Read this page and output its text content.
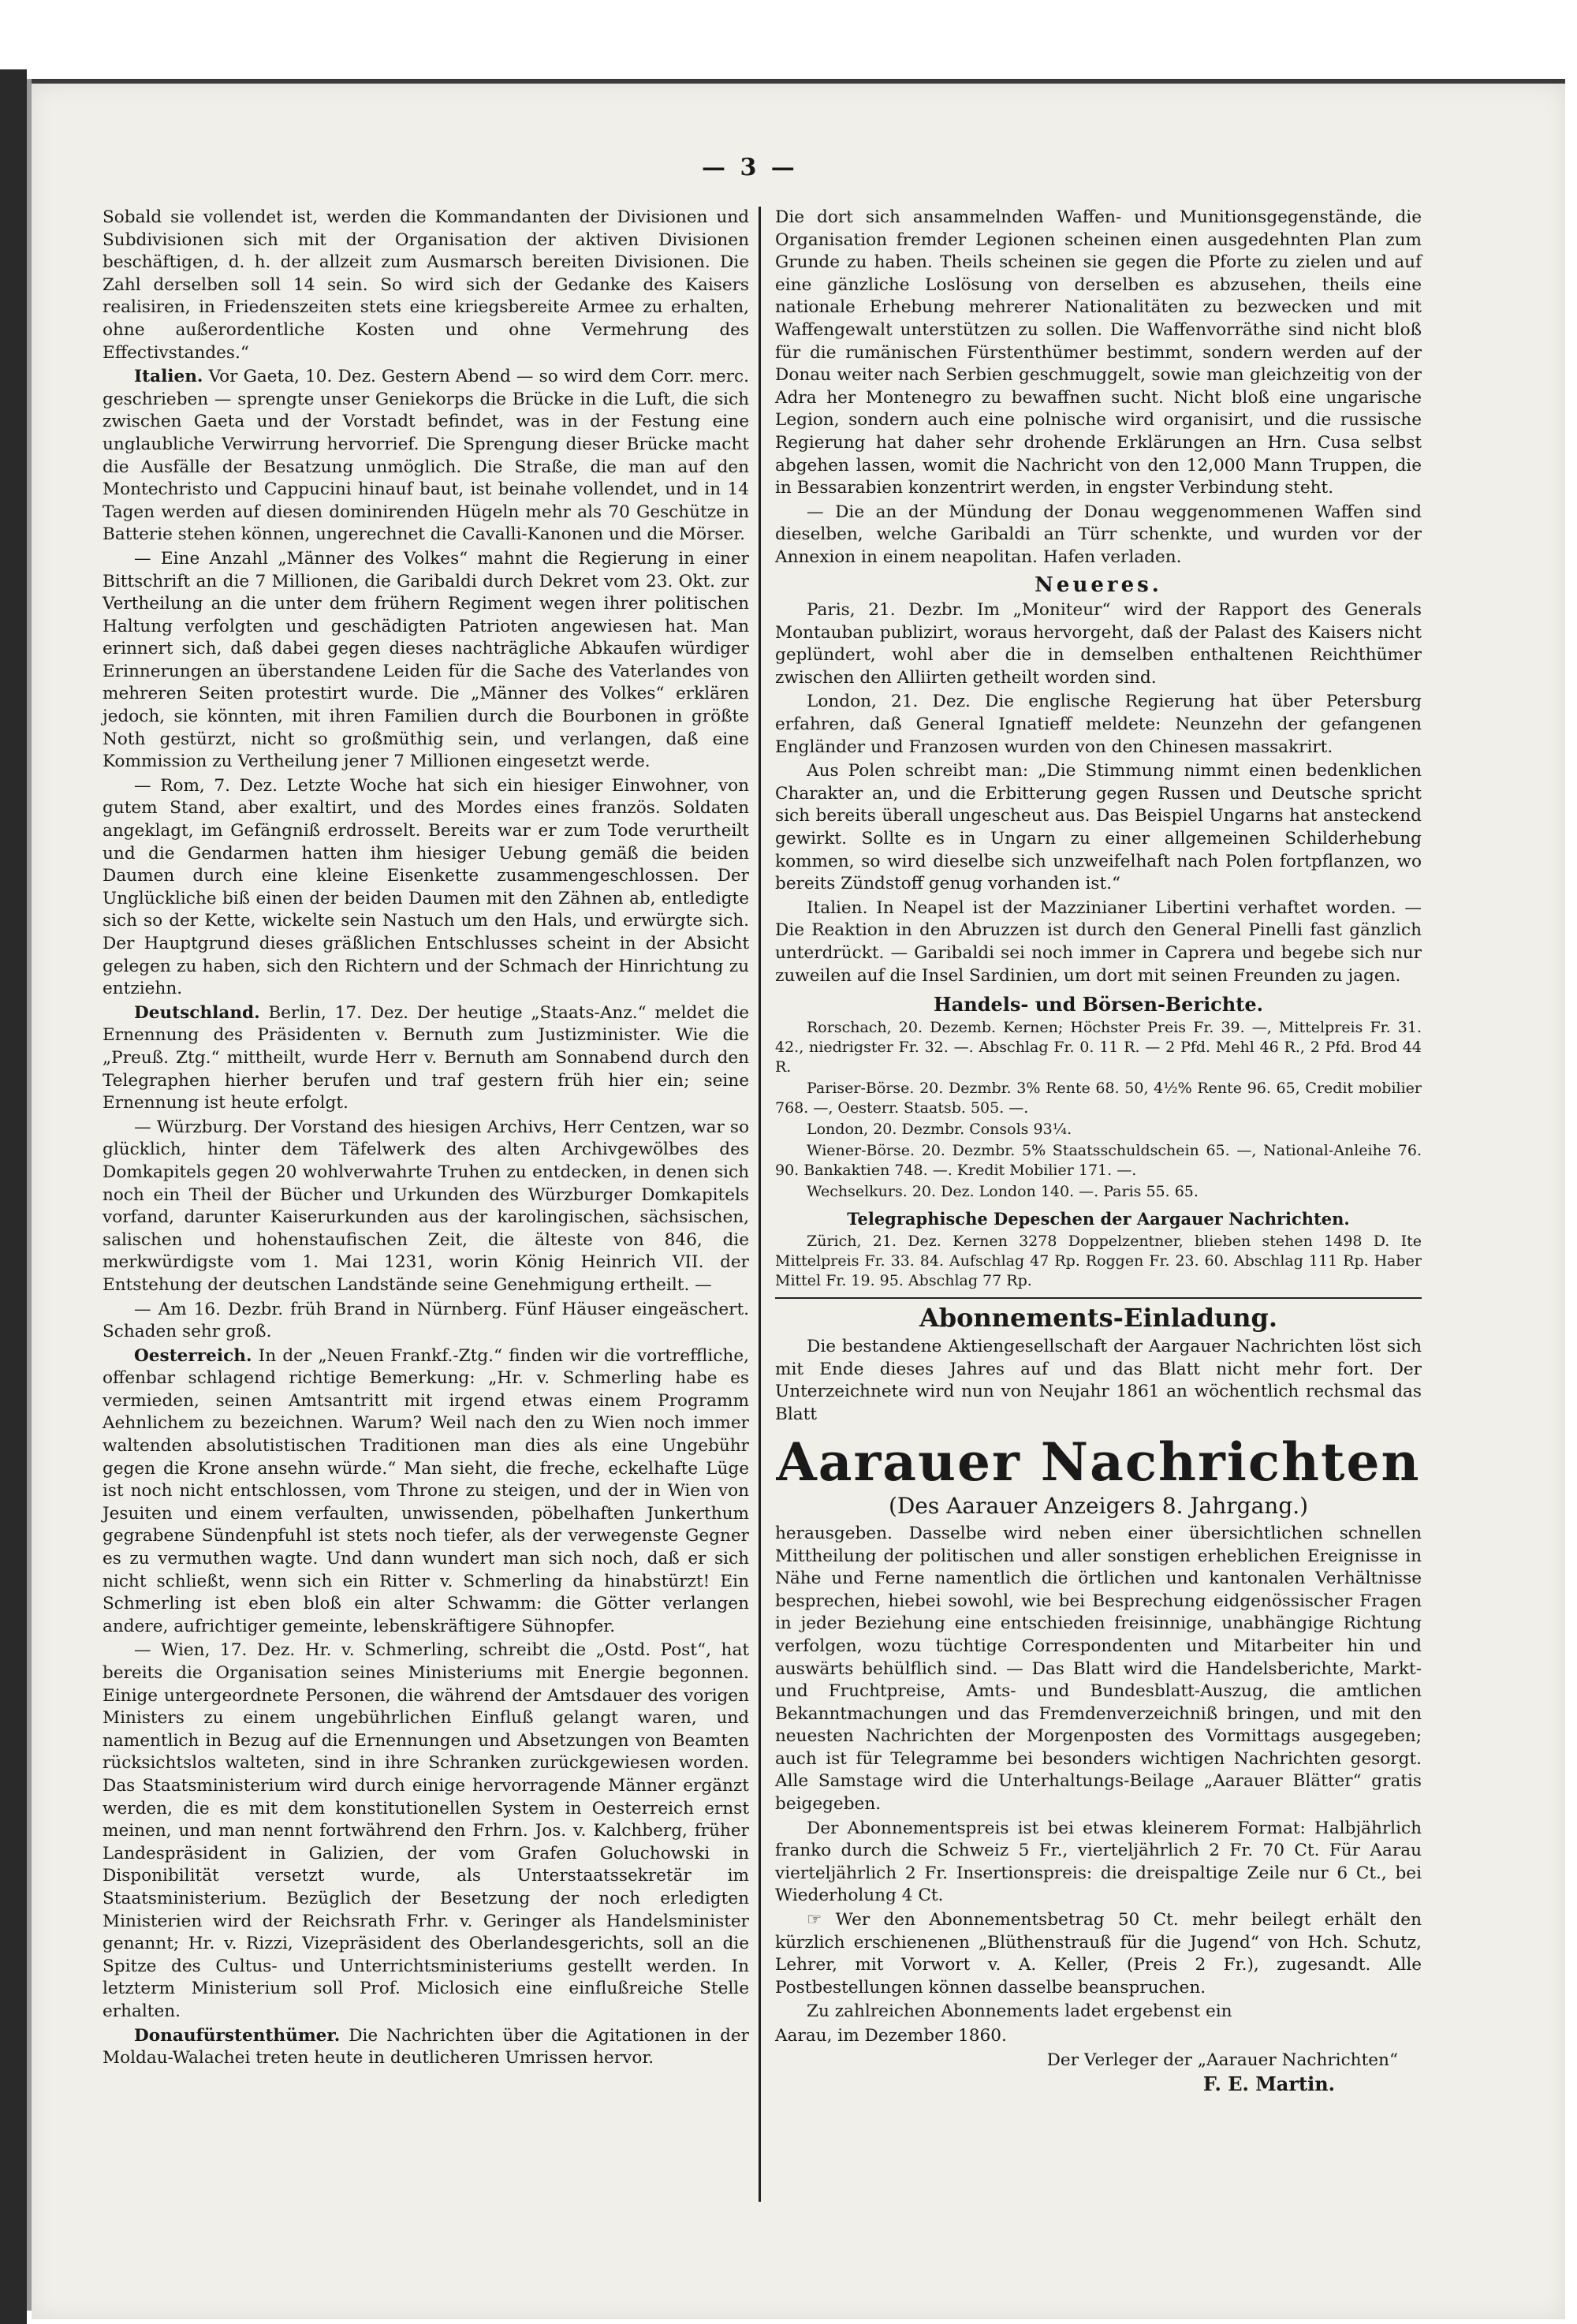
— 3 —

Sobald sie vollendet ist, werden die Kommandanten der Divisionen und Subdivisionen sich mit der Organisation der aktiven Divisionen beschäftigen, d. h. der allzeit zum Ausmarsch bereiten Divisionen. Die Zahl derselben soll 14 sein. So wird sich der Gedanke des Kaisers realisiren, in Friedenszeiten stets eine kriegsbereite Armee zu erhalten, ohne außerordentliche Kosten und ohne Vermehrung des Effectivstandes.“

Italien. Vor Gaeta, 10. Dez. Gestern Abend — so wird dem Corr. merc. geschrieben — sprengte unser Geniekorps die Brücke in die Luft, die sich zwischen Gaeta und der Vorstadt befindet, was in der Festung eine unglaubliche Verwirrung hervorrief. Die Sprengung dieser Brücke macht die Ausfälle der Besatzung unmöglich. Die Straße, die man auf den Montechristo und Cappucini hinauf baut, ist beinahe vollendet, und in 14 Tagen werden auf diesen dominirenden Hügeln mehr als 70 Geschütze in Batterie stehen können, ungerechnet die Cavalli-Kanonen und die Mörser.

— Eine Anzahl „Männer des Volkes“ mahnt die Regierung in einer Bittschrift an die 7 Millionen, die Garibaldi durch Dekret vom 23. Okt. zur Vertheilung an die unter dem frühern Regiment wegen ihrer politischen Haltung verfolgten und geschädigten Patrioten angewiesen hat. Man erinnert sich, daß dabei gegen dieses nachträgliche Abkaufen würdiger Erinnerungen an überstandene Leiden für die Sache des Vaterlandes von mehreren Seiten protestirt wurde. Die „Männer des Volkes“ erklären jedoch, sie könnten, mit ihren Familien durch die Bourbonen in größte Noth gestürzt, nicht so großmüthig sein, und verlangen, daß eine Kommission zu Vertheilung jener 7 Millionen eingesetzt werde.

— Rom, 7. Dez. Letzte Woche hat sich ein hiesiger Einwohner, von gutem Stand, aber exaltirt, und des Mordes eines französ. Soldaten angeklagt, im Gefängniß erdrosselt. Bereits war er zum Tode verurtheilt und die Gendarmen hatten ihm hiesiger Uebung gemäß die beiden Daumen durch eine kleine Eisenkette zusammengeschlossen. Der Unglückliche biß einen der beiden Daumen mit den Zähnen ab, entledigte sich so der Kette, wickelte sein Nastuch um den Hals, und erwürgte sich. Der Hauptgrund dieses gräßlichen Entschlusses scheint in der Absicht gelegen zu haben, sich den Richtern und der Schmach der Hinrichtung zu entziehn.

Deutschland. Berlin, 17. Dez. Der heutige „Staats-Anz.“ meldet die Ernennung des Präsidenten v. Bernuth zum Justizminister. Wie die „Preuß. Ztg.“ mittheilt, wurde Herr v. Bernuth am Sonnabend durch den Telegraphen hierher berufen und traf gestern früh hier ein; seine Ernennung ist heute erfolgt.

— Würzburg. Der Vorstand des hiesigen Archivs, Herr Centzen, war so glücklich, hinter dem Täfelwerk des alten Archivgewölbes des Domkapitels gegen 20 wohlverwahrte Truhen zu entdecken, in denen sich noch ein Theil der Bücher und Urkunden des Würzburger Domkapitels vorfand, darunter Kaiserurkunden aus der karolingischen, sächsischen, salischen und hohenstaufischen Zeit, die älteste von 846, die merkwürdigste vom 1. Mai 1231, worin König Heinrich VII. der Entstehung der deutschen Landstände seine Genehmigung ertheilt. —

— Am 16. Dezbr. früh Brand in Nürnberg. Fünf Häuser eingeäschert. Schaden sehr groß.

Oesterreich. In der „Neuen Frankf.-Ztg.“ finden wir die vortreffliche, offenbar schlagend richtige Bemerkung: „Hr. v. Schmerling habe es vermieden, seinen Amtsantritt mit irgend etwas einem Programm Aehnlichem zu bezeichnen. Warum? Weil nach den zu Wien noch immer waltenden absolutistischen Traditionen man dies als eine Ungebühr gegen die Krone ansehn würde.“ Man sieht, die freche, eckelhafte Lüge ist noch nicht entschlossen, vom Throne zu steigen, und der in Wien von Jesuiten und einem verfaulten, unwissenden, pöbelhaften Junkerthum gegrabene Sündenpfuhl ist stets noch tiefer, als der verwegenste Gegner es zu vermuthen wagte. Und dann wundert man sich noch, daß er sich nicht schließt, wenn sich ein Ritter v. Schmerling da hinabstürzt! Ein Schmerling ist eben bloß ein alter Schwamm: die Götter verlangen andere, aufrichtiger gemeinte, lebenskräftigere Sühnopfer.

— Wien, 17. Dez. Hr. v. Schmerling, schreibt die „Ostd. Post“, hat bereits die Organisation seines Ministeriums mit Energie begonnen. Einige untergeordnete Personen, die während der Amtsdauer des vorigen Ministers zu einem ungebührlichen Einfluß gelangt waren, und namentlich in Bezug auf die Ernennungen und Absetzungen von Beamten rücksichtslos walteten, sind in ihre Schranken zurückgewiesen worden. Das Staatsministerium wird durch einige hervorragende Männer ergänzt werden, die es mit dem konstitutionellen System in Oesterreich ernst meinen, und man nennt fortwährend den Frhrn. Jos. v. Kalchberg, früher Landespräsident in Galizien, der vom Grafen Goluchowski in Disponibilität versetzt wurde, als Unterstaatssekretär im Staatsministerium. Bezüglich der Besetzung der noch erledigten Ministerien wird der Reichsrath Frhr. v. Geringer als Handelsminister genannt; Hr. v. Rizzi, Vizepräsident des Oberlandesgerichts, soll an die Spitze des Cultus- und Unterrichtsministeriums gestellt werden. In letzterm Ministerium soll Prof. Miclosich eine einflußreiche Stelle erhalten.

Donaufürstenthümer. Die Nachrichten über die Agitationen in der Moldau-Walachei treten heute in deutlicheren Umrissen hervor.

Die dort sich ansammelnden Waffen- und Munitionsgegenstände, die Organisation fremder Legionen scheinen einen ausgedehnten Plan zum Grunde zu haben. Theils scheinen sie gegen die Pforte zu zielen und auf eine gänzliche Loslösung von derselben es abzusehen, theils eine nationale Erhebung mehrerer Nationalitäten zu bezwecken und mit Waffengewalt unterstützen zu sollen. Die Waffenvorräthe sind nicht bloß für die rumänischen Fürstenthümer bestimmt, sondern werden auf der Donau weiter nach Serbien geschmuggelt, sowie man gleichzeitig von der Adra her Montenegro zu bewaffnen sucht. Nicht bloß eine ungarische Legion, sondern auch eine polnische wird organisirt, und die russische Regierung hat daher sehr drohende Erklärungen an Hrn. Cusa selbst abgehen lassen, womit die Nachricht von den 12,000 Mann Truppen, die in Bessarabien konzentrirt werden, in engster Verbindung steht.

— Die an der Mündung der Donau weggenommenen Waffen sind dieselben, welche Garibaldi an Türr schenkte, und wurden vor der Annexion in einem neapolitan. Hafen verladen.

Neueres.

Paris, 21. Dezbr. Im „Moniteur“ wird der Rapport des Generals Montauban publizirt, woraus hervorgeht, daß der Palast des Kaisers nicht geplündert, wohl aber die in demselben enthaltenen Reichthümer zwischen den Alliirten getheilt worden sind.

London, 21. Dez. Die englische Regierung hat über Petersburg erfahren, daß General Ignatieff meldete: Neunzehn der gefangenen Engländer und Franzosen wurden von den Chinesen massakrirt.

Aus Polen schreibt man: „Die Stimmung nimmt einen bedenklichen Charakter an, und die Erbitterung gegen Russen und Deutsche spricht sich bereits überall ungescheut aus. Das Beispiel Ungarns hat ansteckend gewirkt. Sollte es in Ungarn zu einer allgemeinen Schilderhebung kommen, so wird dieselbe sich unzweifelhaft nach Polen fortpflanzen, wo bereits Zündstoff genug vorhanden ist.“

Italien. In Neapel ist der Mazzinianer Libertini verhaftet worden. — Die Reaktion in den Abruzzen ist durch den General Pinelli fast gänzlich unterdrückt. — Garibaldi sei noch immer in Caprera und begebe sich nur zuweilen auf die Insel Sardinien, um dort mit seinen Freunden zu jagen.

Handels- und Börsen-Berichte.

Rorschach, 20. Dezemb. Kernen; Höchster Preis Fr. 39. —, Mittelpreis Fr. 31. 42., niedrigster Fr. 32. —. Abschlag Fr. 0. 11 R. — 2 Pfd. Mehl 46 R., 2 Pfd. Brod 44 R.

Pariser-Börse. 20. Dezmbr. 3% Rente 68. 50, 4½% Rente 96. 65, Credit mobilier 768. —, Oesterr. Staatsb. 505. —.

London, 20. Dezmbr. Consols 93¼.

Wiener-Börse. 20. Dezmbr. 5% Staatsschuldschein 65. —, National-Anleihe 76. 90. Bankaktien 748. —. Kredit Mobilier 171. —.

Wechselkurs. 20. Dez. London 140. —. Paris 55. 65.

Telegraphische Depeschen der Aargauer Nachrichten.

Zürich, 21. Dez. Kernen 3278 Doppelzentner, blieben stehen 1498 D. Ite Mittelpreis Fr. 33. 84. Aufschlag 47 Rp. Roggen Fr. 23. 60. Abschlag 111 Rp. Haber Mittel Fr. 19. 95. Abschlag 77 Rp.

Abonnements-Einladung.

Die bestandene Aktiengesellschaft der Aargauer Nachrichten löst sich mit Ende dieses Jahres auf und das Blatt nicht mehr fort. Der Unterzeichnete wird nun von Neujahr 1861 an wöchentlich rechsmal das Blatt

Aarauer Nachrichten
(Des Aarauer Anzeigers 8. Jahrgang.)

herausgeben. Dasselbe wird neben einer übersichtlichen schnellen Mittheilung der politischen und aller sonstigen erheblichen Ereignisse in Nähe und Ferne namentlich die örtlichen und kantonalen Verhältnisse besprechen, hiebei sowohl, wie bei Besprechung eidgenössischer Fragen in jeder Beziehung eine entschieden freisinnige, unabhängige Richtung verfolgen, wozu tüchtige Correspondenten und Mitarbeiter hin und auswärts behülflich sind. — Das Blatt wird die Handelsberichte, Markt- und Fruchtpreise, Amts- und Bundesblatt-Auszug, die amtlichen Bekanntmachungen und das Fremdenverzeichniß bringen, und mit den neuesten Nachrichten der Morgenposten des Vormittags ausgegeben; auch ist für Telegramme bei besonders wichtigen Nachrichten gesorgt. Alle Samstage wird die Unterhaltungs-Beilage „Aarauer Blätter“ gratis beigegeben.

Der Abonnementspreis ist bei etwas kleinerem Format: Halbjährlich franko durch die Schweiz 5 Fr., vierteljährlich 2 Fr. 70 Ct. Für Aarau vierteljährlich 2 Fr. Insertionspreis: die dreispaltige Zeile nur 6 Ct., bei Wiederholung 4 Ct.

☞ Wer den Abonnementsbetrag 50 Ct. mehr beilegt erhält den kürzlich erschienenen „Blüthenstrauß für die Jugend“ von Hch. Schutz, Lehrer, mit Vorwort v. A. Keller, (Preis 2 Fr.), zugesandt. Alle Postbestellungen können dasselbe beanspruchen.

Zu zahlreichen Abonnements ladet ergebenst ein

Aarau, im Dezember 1860.

Der Verleger der „Aarauer Nachrichten“

F. E. Martin.
